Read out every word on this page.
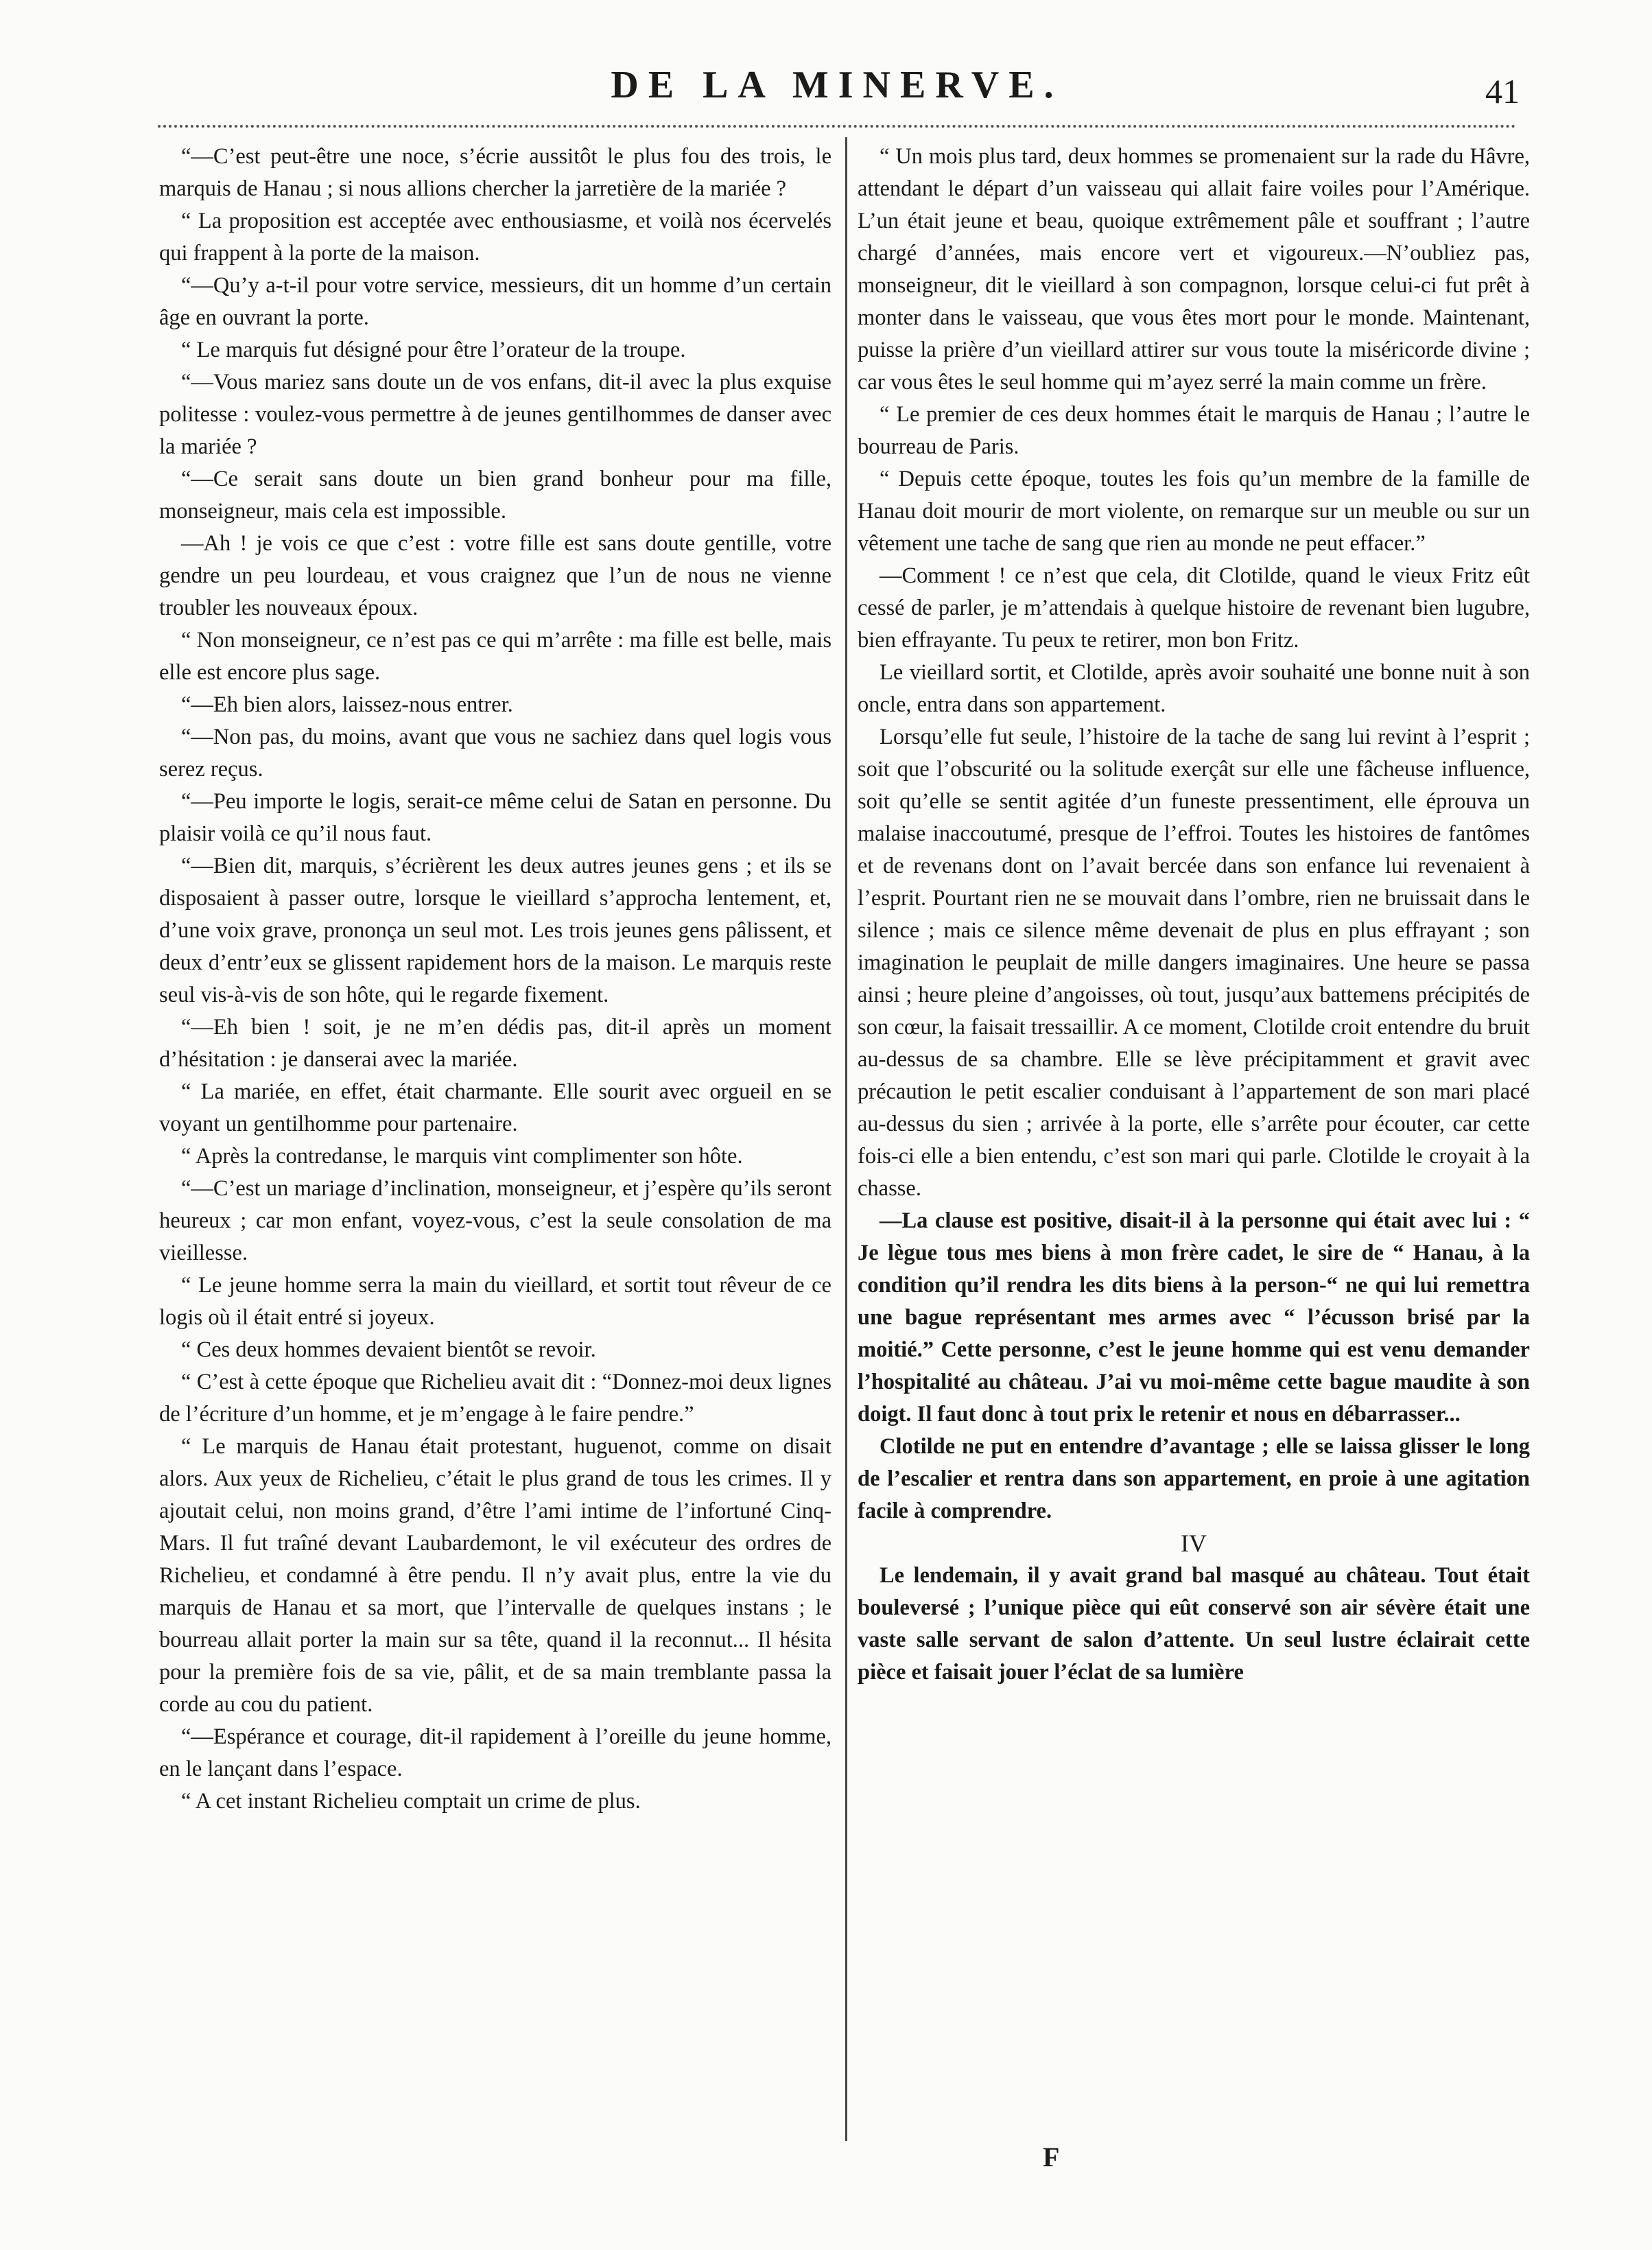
DE LA MINERVE.	41

“—C’est peut-être une noce, s’écrie aussitôt le plus fou des trois, le marquis de Hanau ; si nous allions chercher la jarretière de la mariée ?

“ La proposition est acceptée avec enthousiasme, et voilà nos écervelés qui frappent à la porte de la maison.

“—Qu’y a-t-il pour votre service, messieurs, dit un homme d’un certain âge en ouvrant la porte.

“ Le marquis fut désigné pour être l’orateur de la troupe.

“—Vous mariez sans doute un de vos enfans, dit-il avec la plus exquise politesse : voulez-vous permettre à de jeunes gentilhommes de danser avec la mariée ?

“—Ce serait sans doute un bien grand bonheur pour ma fille, monseigneur, mais cela est impossible.

—Ah ! je vois ce que c’est : votre fille est sans doute gentille, votre gendre un peu lourdeau, et vous craignez que l’un de nous ne vienne troubler les nouveaux époux.

“ Non monseigneur, ce n’est pas ce qui m’arrête : ma fille est belle, mais elle est encore plus sage.

“—Eh bien alors, laissez-nous entrer.

“—Non pas, du moins, avant que vous ne sachiez dans quel logis vous serez reçus.

“—Peu importe le logis, serait-ce même celui de Satan en personne. Du plaisir voilà ce qu’il nous faut.

“—Bien dit, marquis, s’écrièrent les deux autres jeunes gens ; et ils se disposaient à passer outre, lorsque le vieillard s’approcha lentement, et, d’une voix grave, prononça un seul mot. Les trois jeunes gens pâlissent, et deux d’entr’eux se glissent rapidement hors de la maison. Le marquis reste seul vis-à-vis de son hôte, qui le regarde fixement.

“—Eh bien ! soit, je ne m’en dédis pas, dit-il après un moment d’hésitation : je danserai avec la mariée.

“ La mariée, en effet, était charmante. Elle sourit avec orgueil en se voyant un gentilhomme pour partenaire.

“ Après la contredanse, le marquis vint complimenter son hôte.

“—C’est un mariage d’inclination, monseigneur, et j’espère qu’ils seront heureux ; car mon enfant, voyez-vous, c’est la seule consolation de ma vieillesse.

“ Le jeune homme serra la main du vieillard, et sortit tout rêveur de ce logis où il était entré si joyeux.

“ Ces deux hommes devaient bientôt se revoir.

“ C’est à cette époque que Richelieu avait dit : “Donnez-moi deux lignes de l’écriture d’un homme, et je m’engage à le faire pendre.”

“ Le marquis de Hanau était protestant, huguenot, comme on disait alors. Aux yeux de Richelieu, c’était le plus grand de tous les crimes. Il y ajoutait celui, non moins grand, d’être l’ami intime de l’infortuné Cinq-Mars. Il fut traîné devant Laubardemont, le vil exécuteur des ordres de Richelieu, et condamné à être pendu. Il n’y avait plus, entre la vie du marquis de Hanau et sa mort, que l’intervalle de quelques instans ; le bourreau allait porter la main sur sa tête, quand il la reconnut... Il hésita pour la première fois de sa vie, pâlit, et de sa main tremblante passa la corde au cou du patient.

“—Espérance et courage, dit-il rapidement à l’oreille du jeune homme, en le lançant dans l’espace.

“ A cet instant Richelieu comptait un crime de plus.

“ Un mois plus tard, deux hommes se promenaient sur la rade du Hâvre, attendant le départ d’un vaisseau qui allait faire voiles pour l’Amérique. L’un était jeune et beau, quoique extrêmement pâle et souffrant ; l’autre chargé d’années, mais encore vert et vigoureux.—N’oubliez pas, monseigneur, dit le vieillard à son compagnon, lorsque celui-ci fut prêt à monter dans le vaisseau, que vous êtes mort pour le monde. Maintenant, puisse la prière d’un vieillard attirer sur vous toute la miséricorde divine ; car vous êtes le seul homme qui m’ayez serré la main comme un frère.

“ Le premier de ces deux hommes était le marquis de Hanau ; l’autre le bourreau de Paris.

“ Depuis cette époque, toutes les fois qu’un membre de la famille de Hanau doit mourir de mort violente, on remarque sur un meuble ou sur un vêtement une tache de sang que rien au monde ne peut effacer.”

—Comment ! ce n’est que cela, dit Clotilde, quand le vieux Fritz eût cessé de parler, je m’attendais à quelque histoire de revenant bien lugubre, bien effrayante. Tu peux te retirer, mon bon Fritz.

Le vieillard sortit, et Clotilde, après avoir souhaité une bonne nuit à son oncle, entra dans son appartement.

Lorsqu’elle fut seule, l’histoire de la tache de sang lui revint à l’esprit ; soit que l’obscurité ou la solitude exerçât sur elle une fâcheuse influence, soit qu’elle se sentit agitée d’un funeste pressentiment, elle éprouva un malaise inaccoutumé, presque de l’effroi. Toutes les histoires de fantômes et de revenans dont on l’avait bercée dans son enfance lui revenaient à l’esprit. Pourtant rien ne se mouvait dans l’ombre, rien ne bruissait dans le silence ; mais ce silence même devenait de plus en plus effrayant ; son imagination le peuplait de mille dangers imaginaires. Une heure se passa ainsi ; heure pleine d’angoisses, où tout, jusqu’aux battemens précipités de son cœur, la faisait tressaillir. A ce moment, Clotilde croit entendre du bruit au-dessus de sa chambre. Elle se lève précipitamment et gravit avec précaution le petit escalier conduisant à l’appartement de son mari placé au-dessus du sien ; arrivée à la porte, elle s’arrête pour écouter, car cette fois-ci elle a bien entendu, c’est son mari qui parle. Clotilde le croyait à la chasse.

—La clause est positive, disait-il à la personne qui était avec lui : “ Je lègue tous mes biens à mon frère cadet, le sire de “ Hanau, à la condition qu’il rendra les dits biens à la person-“ ne qui lui remettra une bague représentant mes armes avec “ l’écusson brisé par la moitié.” Cette personne, c’est le jeune homme qui est venu demander l’hospitalité au château. J’ai vu moi-même cette bague maudite à son doigt. Il faut donc à tout prix le retenir et nous en débarrasser...

Clotilde ne put en entendre d’avantage ; elle se laissa glisser le long de l’escalier et rentra dans son appartement, en proie à une agitation facile à comprendre.

IV

Le lendemain, il y avait grand bal masqué au château. Tout était bouleversé ; l’unique pièce qui eût conservé son air sévère était une vaste salle servant de salon d’attente. Un seul lustre éclairait cette pièce et faisait jouer l’éclat de sa lumière

F
